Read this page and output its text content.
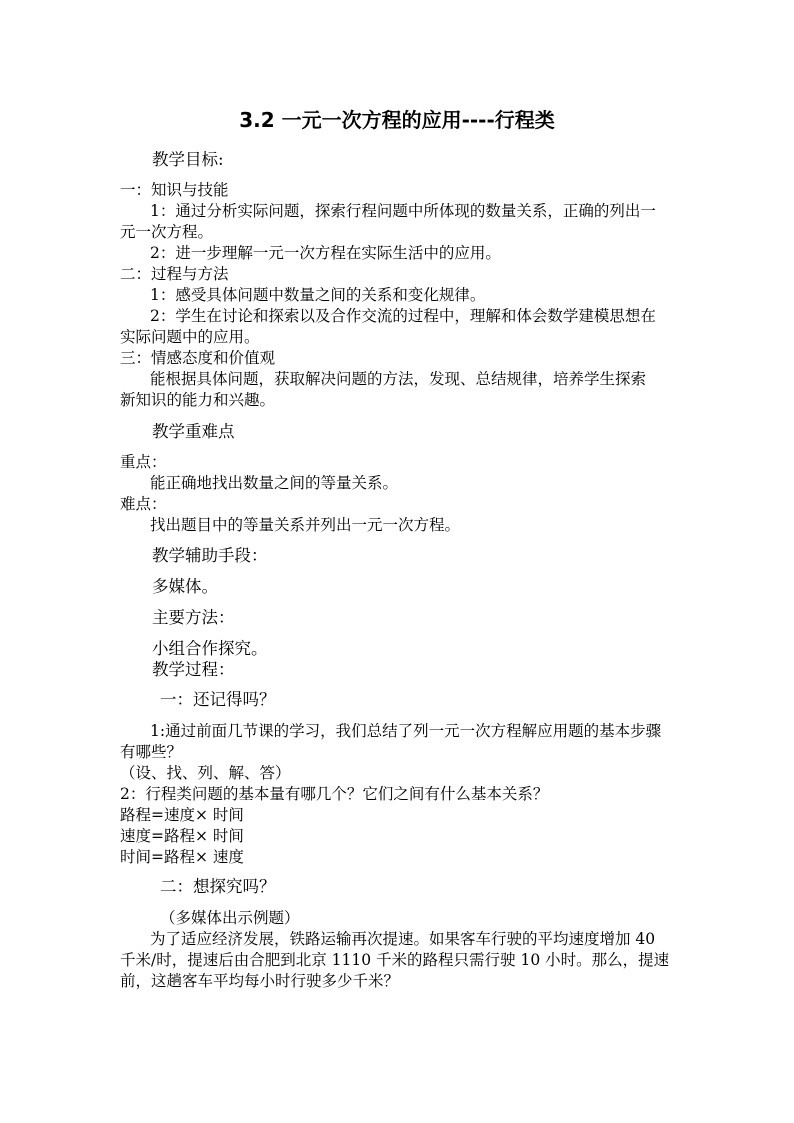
3.2 一元一次方程的应用----行程类
教学目标:
一：知识与技能
1：通过分析实际问题，探索行程问题中所体现的数量关系，正确的列出一
元一次方程。
2：进一步理解一元一次方程在实际生活中的应用。
二：过程与方法
1：感受具体问题中数量之间的关系和变化规律。
2：学生在讨论和探索以及合作交流的过程中，理解和体会数学建模思想在
实际问题中的应用。
三：情感态度和价值观
能根据具体问题，获取解决问题的方法，发现、总结规律，培养学生探索
新知识的能力和兴趣。
教学重难点
重点：
能正确地找出数量之间的等量关系。
难点：
找出题目中的等量关系并列出一元一次方程。
教学辅助手段：
多媒体。
主要方法：
小组合作探究。
教学过程：
一：还记得吗？
1:通过前面几节课的学习，我们总结了列一元一次方程解应用题的基本步骤
有哪些？
（设、找、列、解、答）
2：行程类问题的基本量有哪几个？它们之间有什么基本关系？
路程=速度× 时间
速度=路程× 时间
时间=路程× 速度
二：想探究吗？
（多媒体出示例题）
为了适应经济发展，铁路运输再次提速。如果客车行驶的平均速度增加 40
千米/时，提速后由合肥到北京 1110 千米的路程只需行驶 10 小时。那么，提速
前，这趟客车平均每小时行驶多少千米？
